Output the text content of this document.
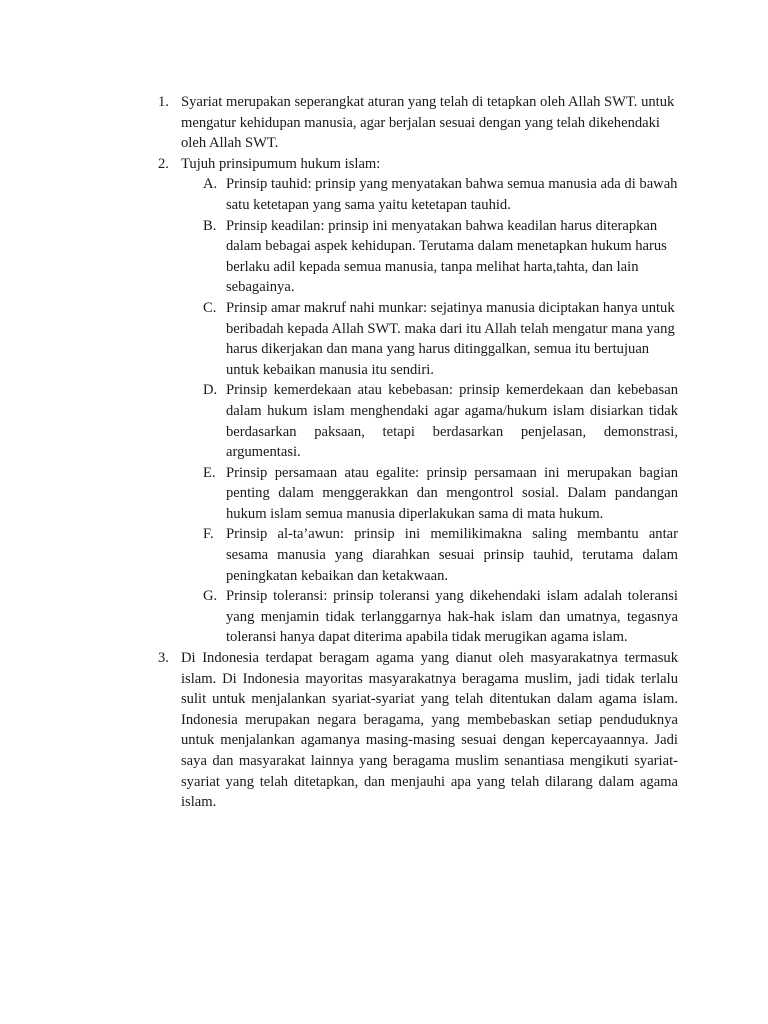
1. Syariat merupakan seperangkat aturan yang telah di tetapkan oleh Allah SWT. untuk mengatur kehidupan manusia, agar berjalan sesuai dengan yang telah dikehendaki oleh Allah SWT.
2. Tujuh prinsipumum hukum islam:
A. Prinsip tauhid: prinsip yang menyatakan bahwa semua manusia ada di bawah satu ketetapan yang sama yaitu ketetapan tauhid.
B. Prinsip keadilan: prinsip ini menyatakan bahwa keadilan harus diterapkan dalam bebagai aspek kehidupan. Terutama dalam menetapkan hukum harus berlaku adil kepada semua manusia, tanpa melihat harta,tahta, dan lain sebagainya.
C. Prinsip amar makruf nahi munkar: sejatinya manusia diciptakan hanya untuk beribadah kepada Allah SWT. maka dari itu Allah telah mengatur mana yang harus dikerjakan dan mana yang harus ditinggalkan, semua itu bertujuan untuk kebaikan manusia itu sendiri.
D. Prinsip kemerdekaan atau kebebasan: prinsip kemerdekaan dan kebebasan dalam hukum islam menghendaki agar agama/hukum islam disiarkan tidak berdasarkan paksaan, tetapi berdasarkan penjelasan, demonstrasi, argumentasi.
E. Prinsip persamaan atau egalite: prinsip persamaan ini merupakan bagian penting dalam menggerakkan dan mengontrol sosial. Dalam pandangan hukum islam semua manusia diperlakukan sama di mata hukum.
F. Prinsip al-ta’awun: prinsip ini memilikimakna saling membantu antar sesama manusia yang diarahkan sesuai prinsip tauhid, terutama dalam peningkatan kebaikan dan ketakwaan.
G. Prinsip toleransi: prinsip toleransi yang dikehendaki islam adalah toleransi yang menjamin tidak terlanggarnya hak-hak islam dan umatnya, tegasnya toleransi hanya dapat diterima apabila tidak merugikan agama islam.
3. Di Indonesia terdapat beragam agama yang dianut oleh masyarakatnya termasuk islam. Di Indonesia mayoritas masyarakatnya beragama muslim, jadi tidak terlalu sulit untuk menjalankan syariat-syariat yang telah ditentukan dalam agama islam. Indonesia merupakan negara beragama, yang membebaskan setiap penduduknya untuk menjalankan agamanya masing-masing sesuai dengan kepercayaannya. Jadi saya dan masyarakat lainnya yang beragama muslim senantiasa mengikuti syariat-syariat yang telah ditetapkan, dan menjauhi apa yang telah dilarang dalam agama islam.
